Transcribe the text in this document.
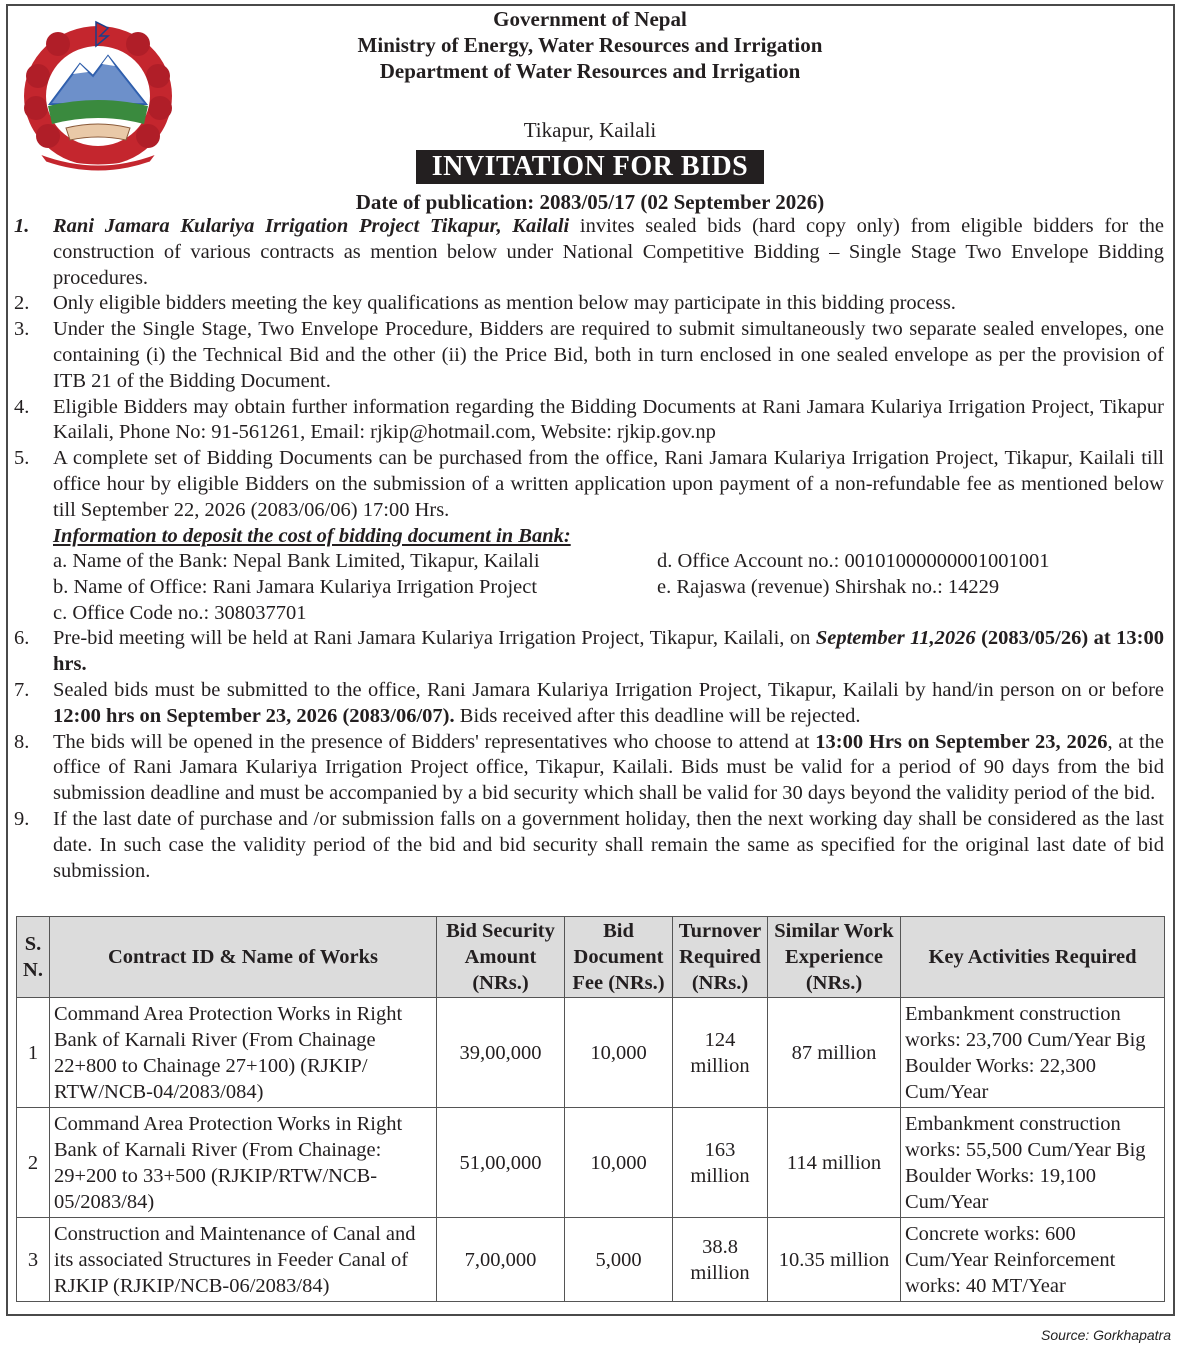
Government of Nepal
Ministry of Energy, Water Resources and Irrigation
Department of Water Resources and Irrigation
Tikapur, Kailali
INVITATION FOR BIDS
Date of publication: 2083/05/17 (02 September 2026)
1.	Rani Jamara Kulariya Irrigation Project Tikapur, Kailali invites sealed bids (hard copy only) from eligible bidders for the construction of various contracts as mention below under National Competitive Bidding – Single Stage Two Envelope Bidding procedures.
2.	Only eligible bidders meeting the key qualifications as mention below may participate in this bidding process.
3.	Under the Single Stage, Two Envelope Procedure, Bidders are required to submit simultaneously two separate sealed envelopes, one containing (i) the Technical Bid and the other (ii) the Price Bid, both in turn enclosed in one sealed envelope as per the provision of ITB 21 of the Bidding Document.
4.	Eligible Bidders may obtain further information regarding the Bidding Documents at Rani Jamara Kulariya Irrigation Project, Tikapur Kailali, Phone No: 91-561261, Email: rjkip@hotmail.com, Website: rjkip.gov.np
5.	A complete set of Bidding Documents can be purchased from the office, Rani Jamara Kulariya Irrigation Project, Tikapur, Kailali till office hour by eligible Bidders on the submission of a written application upon payment of a non-refundable fee as mentioned below till September 22, 2026 (2083/06/06) 17:00 Hrs.
Information to deposit the cost of bidding document in Bank:
a. Name of the Bank: Nepal Bank Limited, Tikapur, Kailali
b. Name of Office: Rani Jamara Kulariya Irrigation Project
c. Office Code no.: 308037701
d. Office Account no.: 00101000000001001001
e. Rajaswa (revenue) Shirshak no.: 14229
6.	Pre-bid meeting will be held at Rani Jamara Kulariya Irrigation Project, Tikapur, Kailali, on September 11,2026 (2083/05/26) at 13:00 hrs.
7.	Sealed bids must be submitted to the office, Rani Jamara Kulariya Irrigation Project, Tikapur, Kailali by hand/in person on or before 12:00 hrs on September 23, 2026 (2083/06/07). Bids received after this deadline will be rejected.
8.	The bids will be opened in the presence of Bidders' representatives who choose to attend at 13:00 Hrs on September 23, 2026, at the office of Rani Jamara Kulariya Irrigation Project office, Tikapur, Kailali. Bids must be valid for a period of 90 days from the bid submission deadline and must be accompanied by a bid security which shall be valid for 30 days beyond the validity period of the bid.
9.	If the last date of purchase and /or submission falls on a government holiday, then the next working day shall be considered as the last date. In such case the validity period of the bid and bid security shall remain the same as specified for the original last date of bid submission.
S. N.	Contract ID & Name of Works	Bid Security Amount (NRs.)	Bid Document Fee (NRs.)	Turnover Required (NRs.)	Similar Work Experience (NRs.)	Key Activities Required
1	Command Area Protection Works in Right Bank of Karnali River (From Chainage 22+800 to Chainage 27+100) (RJKIP/ RTW/NCB-04/2083/084)	39,00,000	10,000	124 million	87 million	Embankment construction works: 23,700 Cum/Year Big Boulder Works: 22,300 Cum/Year
2	Command Area Protection Works in Right Bank of Karnali River (From Chainage: 29+200 to 33+500 (RJKIP/RTW/NCB-05/2083/84)	51,00,000	10,000	163 million	114 million	Embankment construction works: 55,500 Cum/Year Big Boulder Works: 19,100 Cum/Year
3	Construction and Maintenance of Canal and its associated Structures in Feeder Canal of RJKIP (RJKIP/NCB-06/2083/84)	7,00,000	5,000	38.8 million	10.35 million	Concrete works: 600 Cum/Year Reinforcement works: 40 MT/Year
Source: Gorkhapatra
